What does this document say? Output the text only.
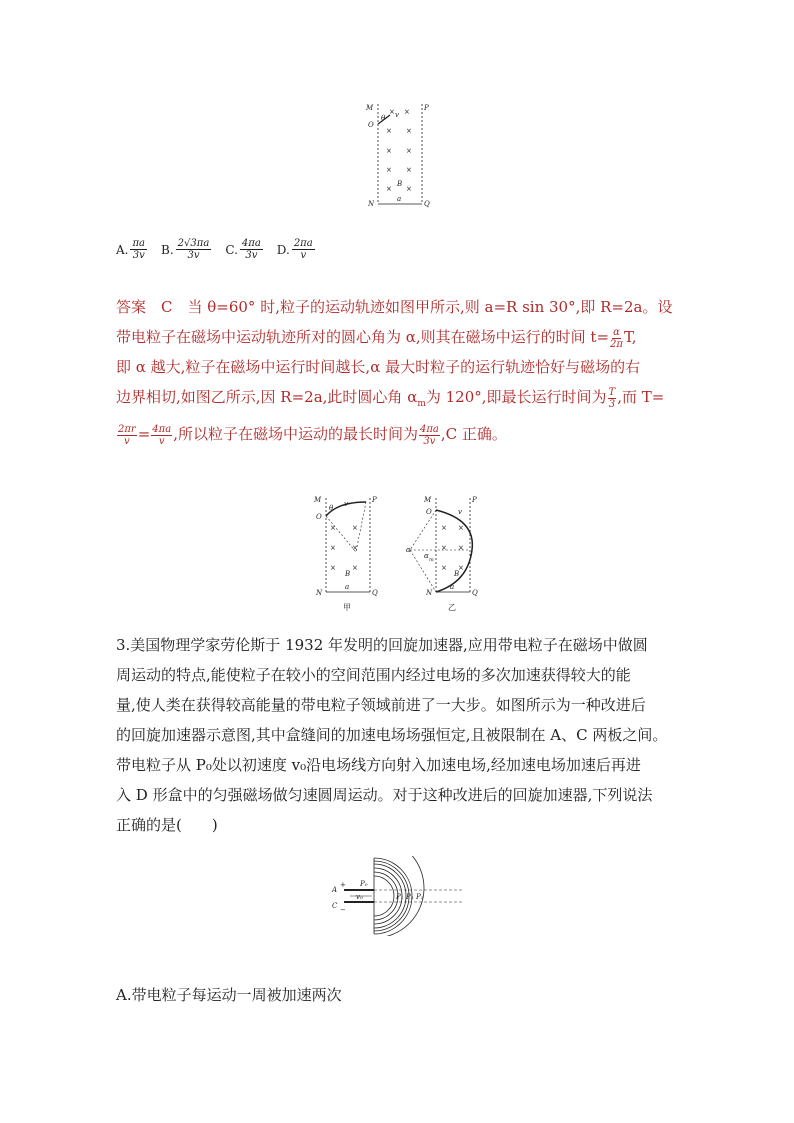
M	P
O
θ v
B
N	Q
a
× ×
× ×
× ×
× ×
× ×
A. $\frac{\pi a}{3v} B$. $\frac{2√3\pi a}{3v} C$. $\frac{4\pi a}{3v} D$. $\frac{2\pi a}{v}$

答案　C　当 θ=60° 时,粒子的运动轨迹如图甲所示,则 a=R sin 30°,即 R=2a。设

带电粒子在磁场中运动轨迹所对的圆心角为 α,则其在磁场中运行的时间 $t= \frac{\alpha}{2\pi} T$,

即 α 越大,粒子在磁场中运行时间越长,α 最大时粒子的运行轨迹恰好与磁场的右

边界相切,如图乙所示,因 R=2a,此时圆心角 $\alpha_m$为 120°,即最长运行时间为 $\frac{T}{3}$ ,而 T=

$\frac{2\pi r}{v} = \frac{4\pi a}{v}$ ,所以粒子在磁场中运动的最长时间为 $\frac{4\pi a}{3v} ,C$ 正确。

M	P
O
θ v
B
N	Q
a
甲
M	P
O	v
B
N	Q
a
α
α m
乙
× ×
× ×
× ×
× ×
× ×
× ×

3.美国物理学家劳伦斯于 1932 年发明的回旋加速器,应用带电粒子在磁场中做圆

周运动的特点,能使粒子在较小的空间范围内经过电场的多次加速获得较大的能

量,使人类在获得较高能量的带电粒子领域前进了一大步。如图所示为一种改进后

的回旋加速器示意图,其中盒缝间的加速电场场强恒定,且被限制在 A、C 两板之间。

带电粒子从 P₀处以初速度 v₀沿电场线方向射入加速电场,经加速电场加速后再进

入 D 形盒中的匀强磁场做匀速圆周运动。对于这种改进后的回旋加速器,下列说法

正确的是(　　)

A
C
+
−
P₀
v₀	P₁ P₂ P₃
A.带电粒子每运动一周被加速两次
